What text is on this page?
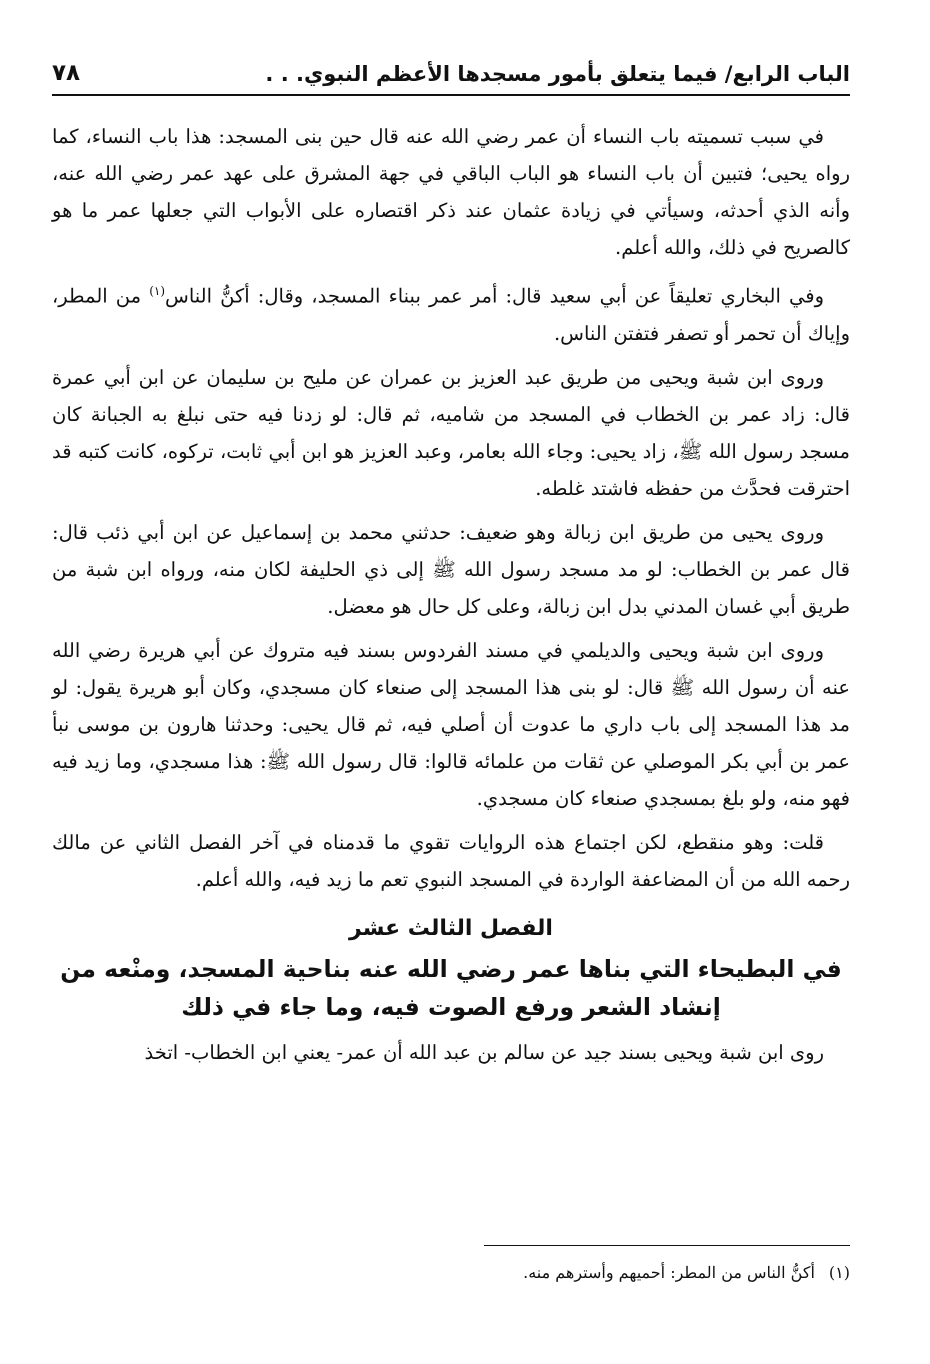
الباب الرابع/ فيما يتعلق بأمور مسجدها الأعظم النبوي. . .
٧٨

في سبب تسميته باب النساء أن عمر رضي الله عنه قال حين بنى المسجد: هذا باب النساء، كما رواه يحيى؛ فتبين أن باب النساء هو الباب الباقي في جهة المشرق على عهد عمر رضي الله عنه، وأنه الذي أحدثه، وسيأتي في زيادة عثمان عند ذكر اقتصاره على الأبواب التي جعلها عمر ما هو كالصريح في ذلك، والله أعلم.

وفي البخاري تعليقاً عن أبي سعيد قال: أمر عمر ببناء المسجد، وقال: أكنُّ الناس$^{(١)}$ من المطر، وإياك أن تحمر أو تصفر فتفتن الناس.

وروى ابن شبة ويحيى من طريق عبد العزيز بن عمران عن مليح بن سليمان عن ابن أبي عمرة قال: زاد عمر بن الخطاب في المسجد من شاميه، ثم قال: لو زدنا فيه حتى نبلغ به الجبانة كان مسجد رسول الله ﷺ، زاد يحيى: وجاء الله بعامر، وعبد العزيز هو ابن أبي ثابت، تركوه، كانت كتبه قد احترقت فحدَّث من حفظه فاشتد غلطه.

وروى يحيى من طريق ابن زبالة وهو ضعيف: حدثني محمد بن إسماعيل عن ابن أبي ذئب قال: قال عمر بن الخطاب: لو مد مسجد رسول الله ﷺ إلى ذي الحليفة لكان منه، ورواه ابن شبة من طريق أبي غسان المدني بدل ابن زبالة، وعلى كل حال هو معضل.

وروى ابن شبة ويحيى والديلمي في مسند الفردوس بسند فيه متروك عن أبي هريرة رضي الله عنه أن رسول الله ﷺ قال: لو بنى هذا المسجد إلى صنعاء كان مسجدي، وكان أبو هريرة يقول: لو مد هذا المسجد إلى باب داري ما عدوت أن أصلي فيه، ثم قال يحيى: وحدثنا هارون بن موسى نبأ عمر بن أبي بكر الموصلي عن ثقات من علمائه قالوا: قال رسول الله ﷺ: هذا مسجدي، وما زيد فيه فهو منه، ولو بلغ بمسجدي صنعاء كان مسجدي.

قلت: وهو منقطع، لكن اجتماع هذه الروايات تقوي ما قدمناه في آخر الفصل الثاني عن مالك رحمه الله من أن المضاعفة الواردة في المسجد النبوي تعم ما زيد فيه، والله أعلم.

الفصل الثالث عشر
في البطيحاء التي بناها عمر رضي الله عنه بناحية المسجد، ومنْعه من
إنشاد الشعر ورفع الصوت فيه، وما جاء في ذلك

روى ابن شبة ويحيى بسند جيد عن سالم بن عبد الله أن عمر- يعني ابن الخطاب- اتخذ

(١)أكنُّ الناس من المطر: أحميهم وأسترهم منه.
